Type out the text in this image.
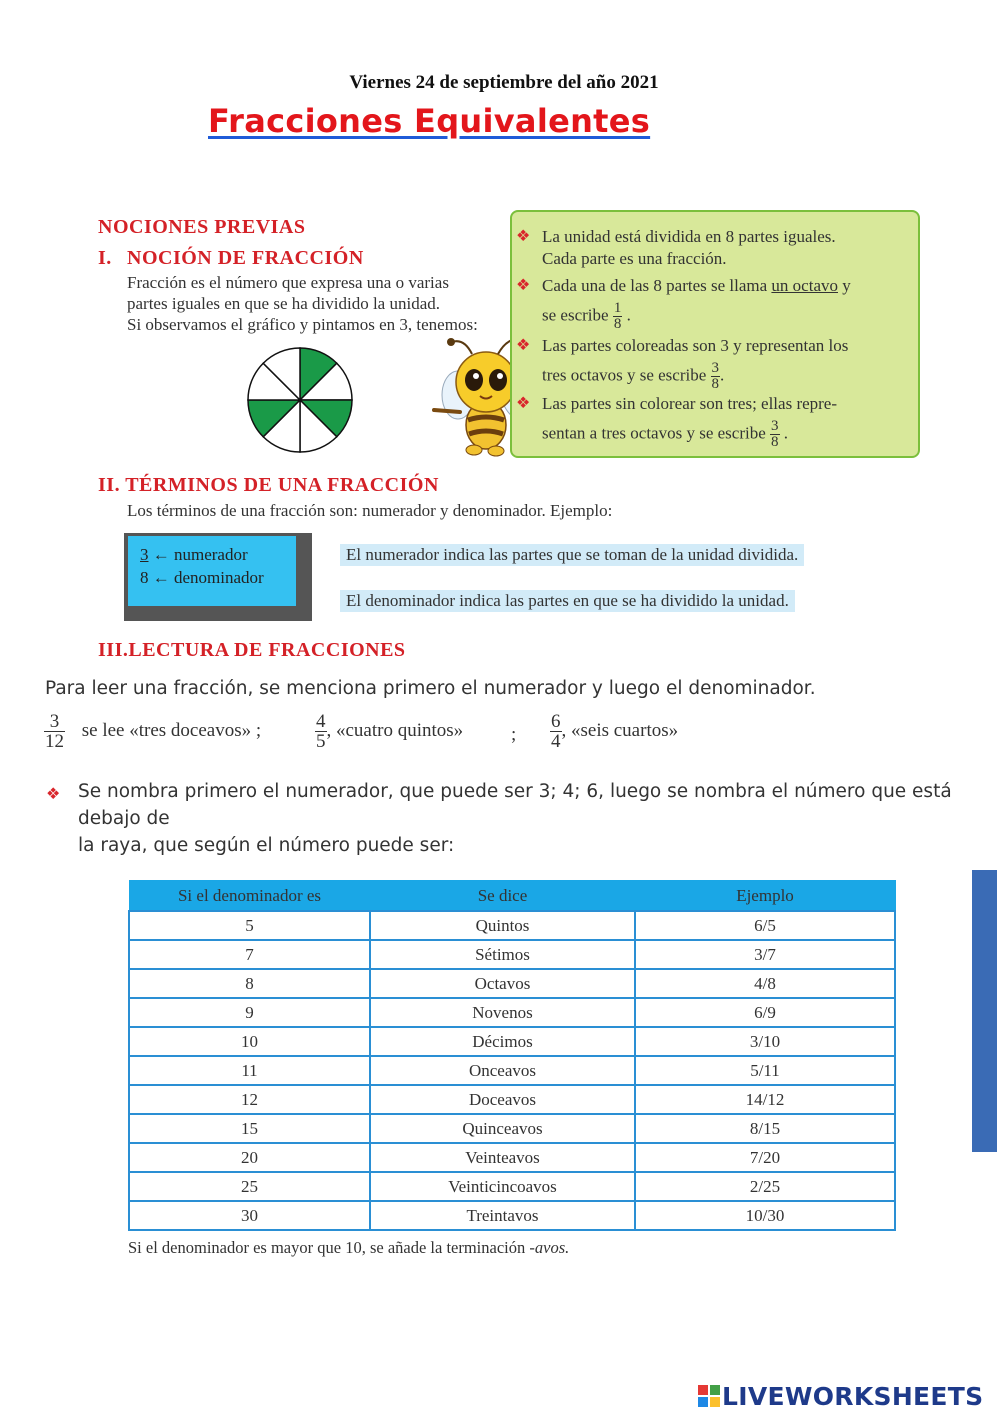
Viernes 24 de septiembre del año 2021
Fracciones Equivalentes
NOCIONES PREVIAS
I. NOCIÓN DE FRACCIÓN
Fracción es el número que expresa una o varias
partes iguales en que se ha dividido la unidad.
Si observamos el gráfico y pintamos en 3, tenemos:
❖ La unidad está dividida en 8 partes iguales.
Cada parte es una fracción.
❖ Cada una de las 8 partes se llama un octavo y
se escribe $\frac{1}{8}$ .
❖ Las partes coloreadas son 3 y representan los
tres octavos y se escribe $\frac{3}{8}$ .
❖ Las partes sin colorear son tres; ellas repre-
sentan a tres octavos y se escribe $\frac{3}{8}$ .
II. TÉRMINOS DE UNA FRACCIÓN
Los términos de una fracción son: numerador y denominador. Ejemplo:
3 ← numerador
8 ← denominador
El numerador indica las partes que se toman de la unidad dividida.
El denominador indica las partes en que se ha dividido la unidad.
III.LECTURA DE FRACCIONES
Para leer una fracción, se menciona primero el numerador y luego el denominador.
$\frac{3}{12}$ se lee «tres doceavos» ;	$\frac{4}{5}$ , «cuatro quintos»	; $\frac{6}{4}$ , «seis cuartos»
❖ Se nombra primero el numerador, que puede ser 3; 4; 6, luego se nombra el número que está debajo de
la raya, que según el número puede ser:
Si el denominador es	Se dice	Ejemplo
5	Quintos	6/5
7	Sétimos	3/7
8	Octavos	4/8
9	Novenos	6/9
10	Décimos	3/10
11	Onceavos	5/11
12	Doceavos	14/12
15	Quinceavos	8/15
20	Veinteavos	7/20
25	Veinticincoavos	2/25
30	Treintavos	10/30
Si el denominador es mayor que 10, se añade la terminación -avos.
LIVEWORKSHEETS
